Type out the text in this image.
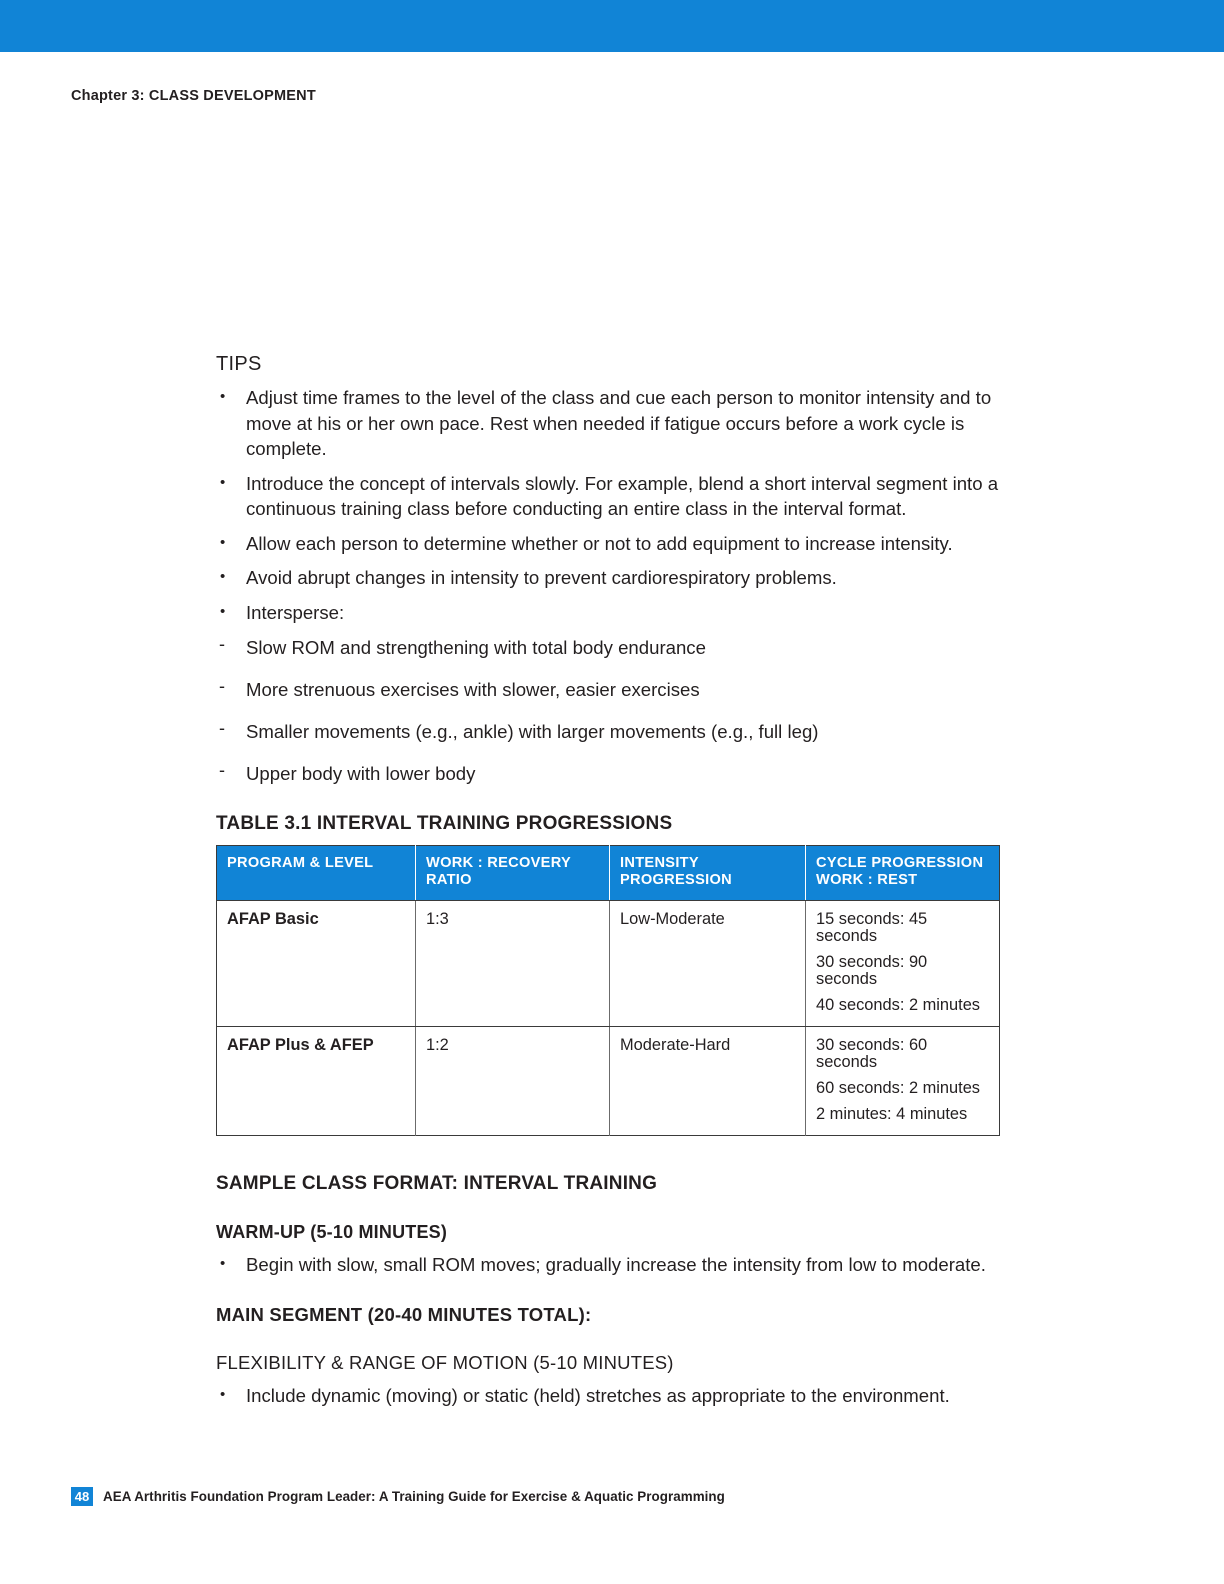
Chapter 3: CLASS DEVELOPMENT
TIPS
• Adjust time frames to the level of the class and cue each person to monitor intensity and to move at his or her own pace. Rest when needed if fatigue occurs before a work cycle is complete.
• Introduce the concept of intervals slowly. For example, blend a short interval segment into a continuous training class before conducting an entire class in the interval format.
• Allow each person to determine whether or not to add equipment to increase intensity.
• Avoid abrupt changes in intensity to prevent cardiorespiratory problems.
• Intersperse:
‐ Slow ROM and strengthening with total body endurance
‐ More strenuous exercises with slower, easier exercises
‐ Smaller movements (e.g., ankle) with larger movements (e.g., full leg)
‐ Upper body with lower body
TABLE 3.1 INTERVAL TRAINING PROGRESSIONS
PROGRAM & LEVEL	WORK : RECOVERY RATIO	INTENSITY PROGRESSION	CYCLE PROGRESSION WORK : REST
AFAP Basic	1:3	Low-Moderate	15 seconds: 45 seconds
30 seconds: 90 seconds
40 seconds: 2 minutes

AFAP Plus & AFEP	1:2	Moderate-Hard	30 seconds: 60 seconds
60 seconds: 2 minutes
2 minutes: 4 minutes
SAMPLE CLASS FORMAT: INTERVAL TRAINING
WARM-UP (5-10 MINUTES)
• Begin with slow, small ROM moves; gradually increase the intensity from low to moderate.
MAIN SEGMENT (20-40 MINUTES TOTAL):
FLEXIBILITY & RANGE OF MOTION (5-10 MINUTES)
• Include dynamic (moving) or static (held) stretches as appropriate to the environment.
48 AEA Arthritis Foundation Program Leader: A Training Guide for Exercise & Aquatic Programming
